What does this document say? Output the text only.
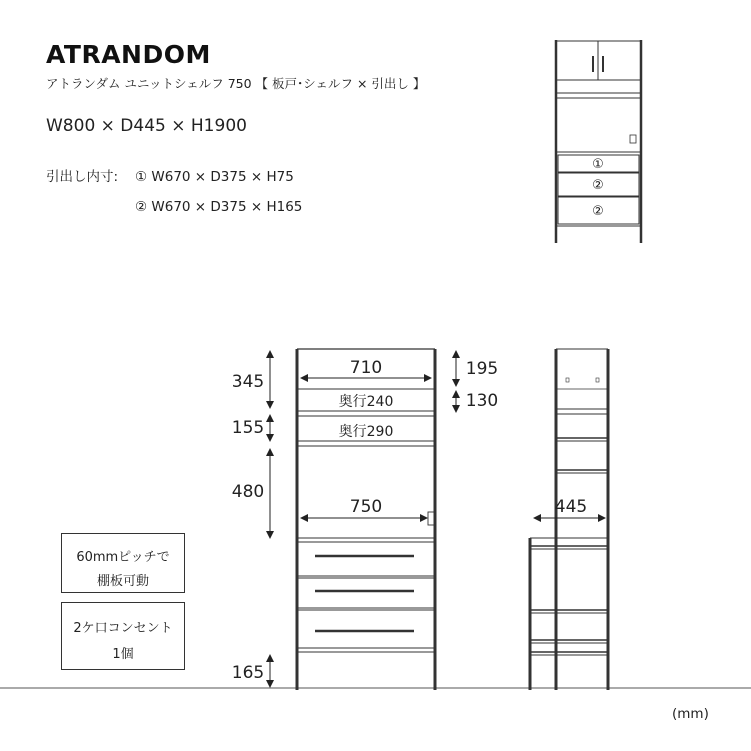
ATRANDOM
アトランダム ユニットシェルフ 750 【 板戸･シェルフ × 引出し 】
W800 × D445 × H1900
引出し内寸: ① W670 × D375 × H75
② W670 × D375 × H165
①
②
②
710
奥行240
奥行290
750
345
155
480
165
195
130
445
60mmピッチで
棚板可動
2ケ口コンセント
1個
(mm)
